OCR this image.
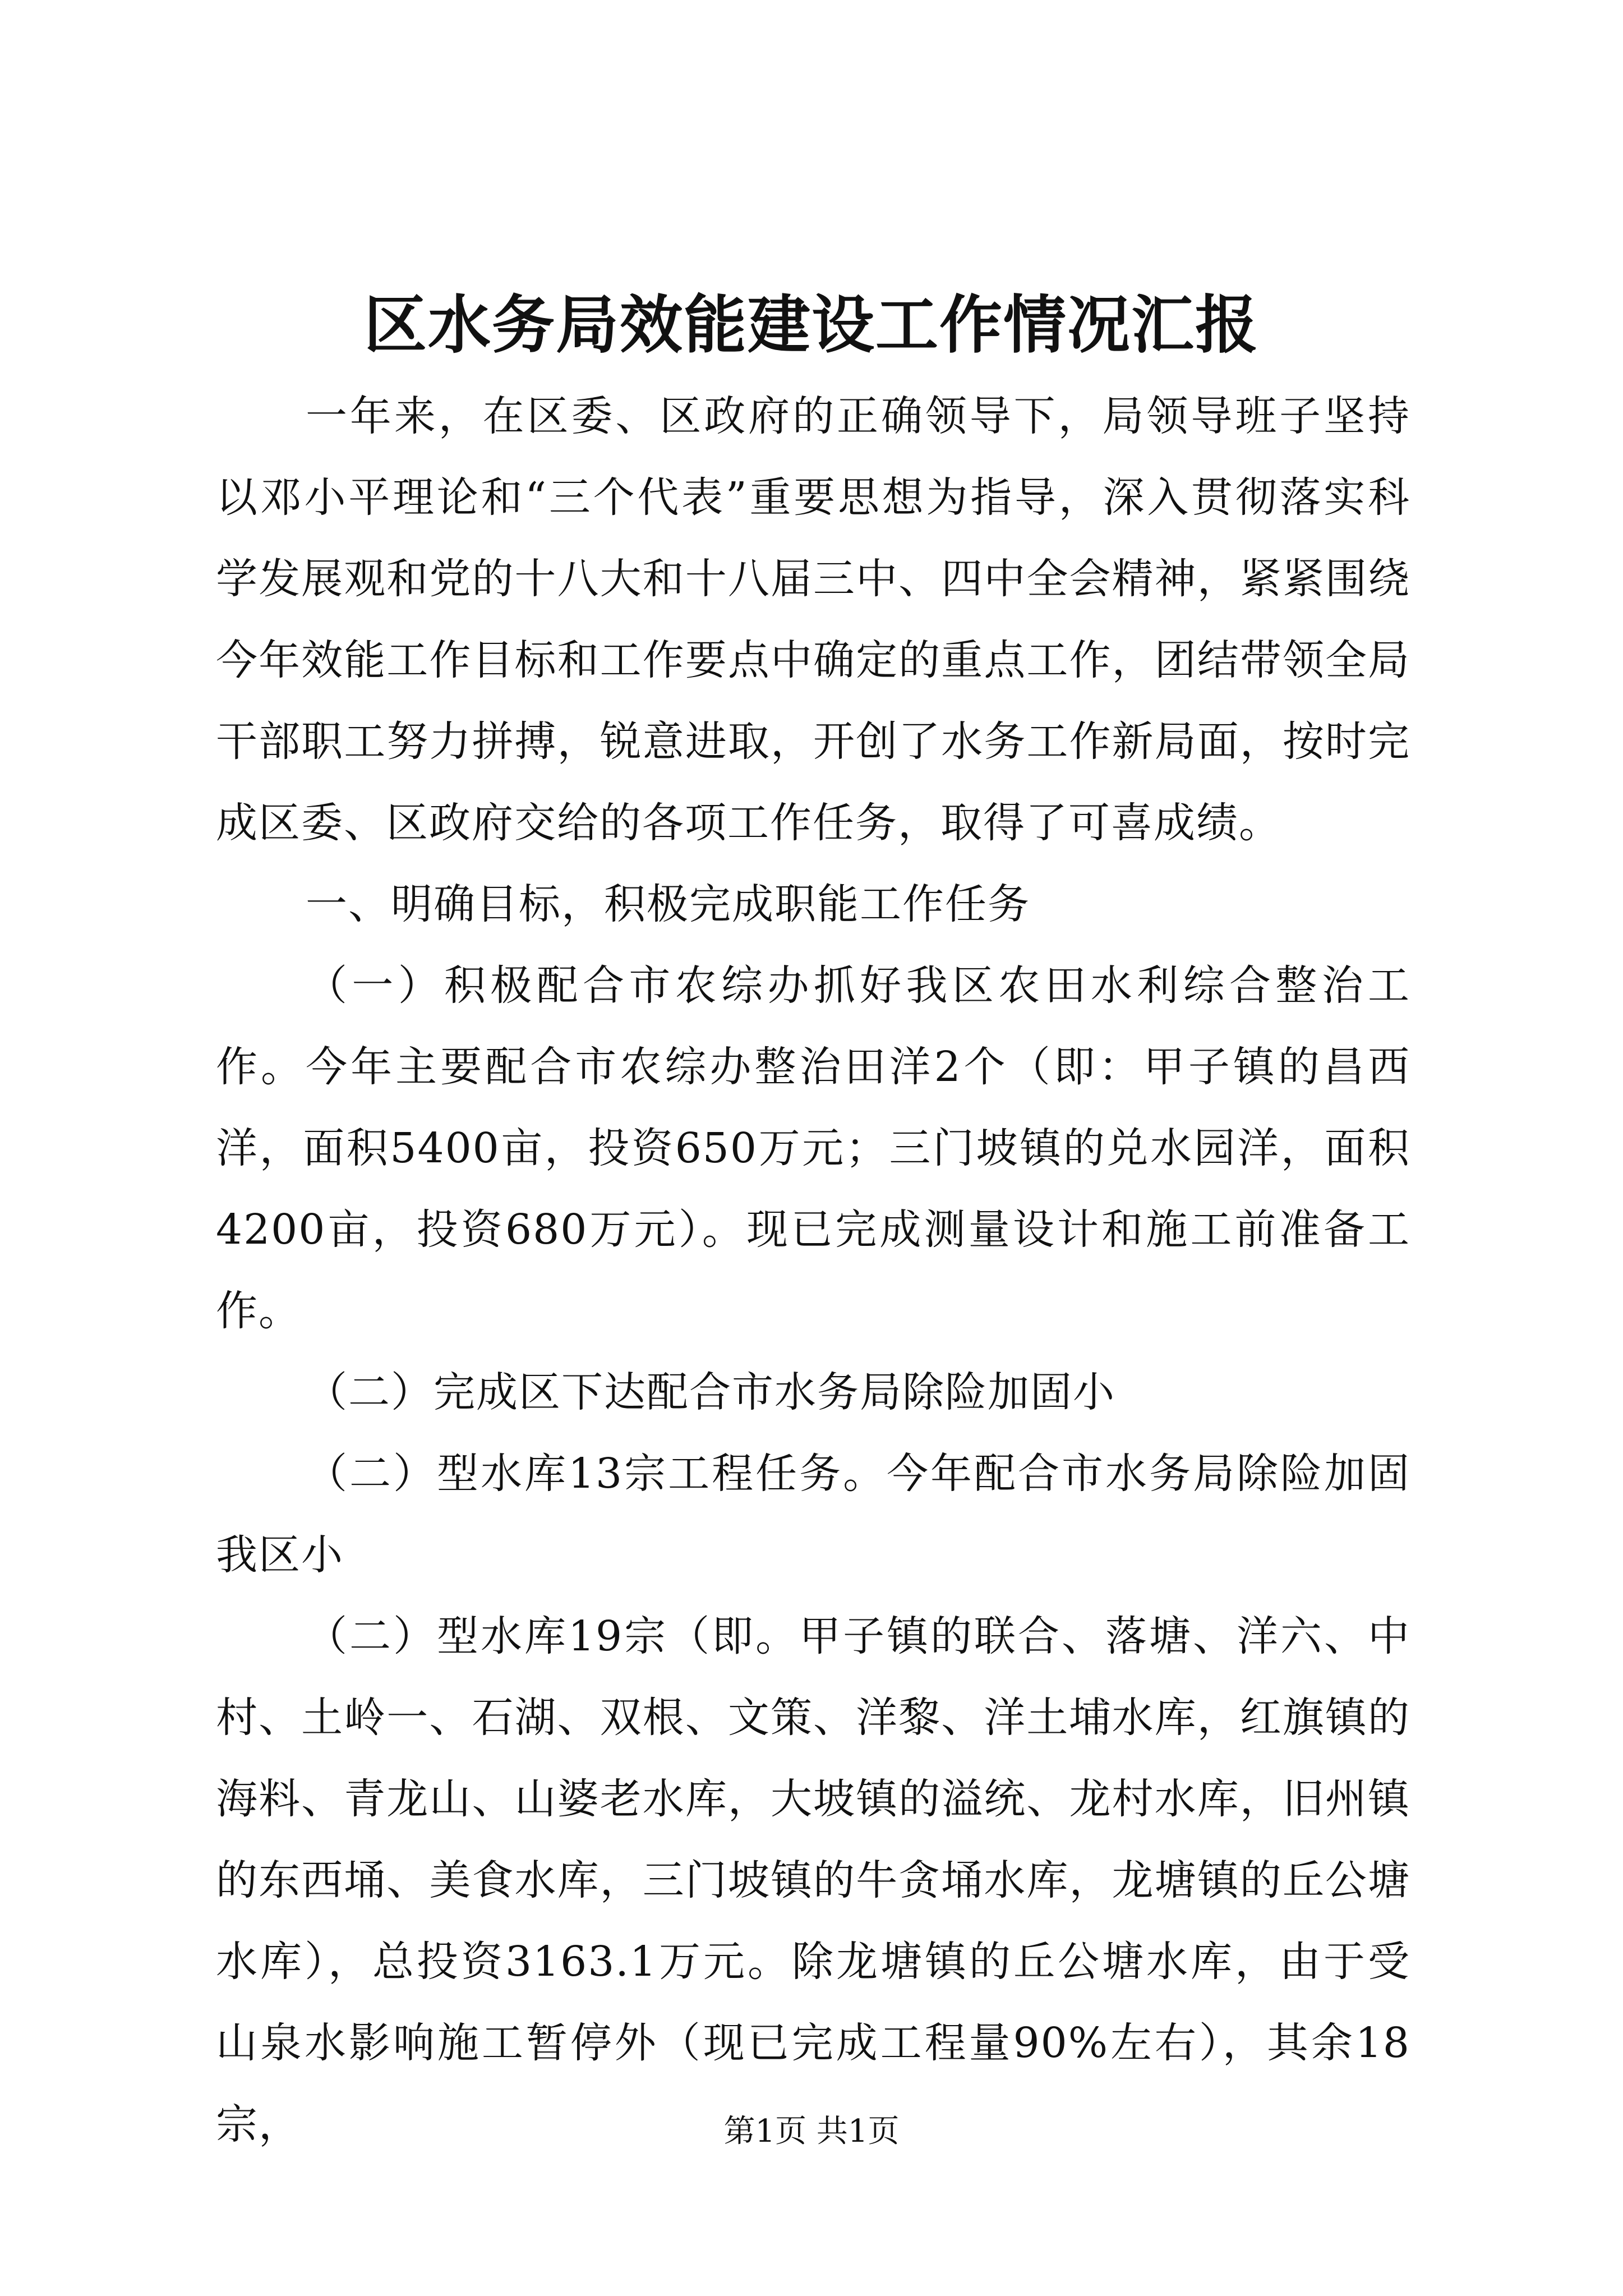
区水务局效能建设工作情况汇报

一年来，在区委、区政府的正确领导下，局领导班子坚持以邓小平理论和“三个代表”重要思想为指导，深入贯彻落实科学发展观和党的十八大和十八届三中、四中全会精神，紧紧围绕今年效能工作目标和工作要点中确定的重点工作，团结带领全局干部职工努力拼搏，锐意进取，开创了水务工作新局面，按时完成区委、区政府交给的各项工作任务，取得了可喜成绩。

一、明确目标，积极完成职能工作任务

（一）积极配合市农综办抓好我区农田水利综合整治工作。今年主要配合市农综办整治田洋2个（即：甲子镇的昌西洋，面积5400亩，投资650万元；三门坡镇的兑水园洋，面积4200亩，投资680万元）。现已完成测量设计和施工前准备工作。

（二）完成区下达配合市水务局除险加固小

（二）型水库13宗工程任务。今年配合市水务局除险加固我区小

（二）型水库19宗（即。甲子镇的联合、落塘、洋六、中村、土岭一、石湖、双根、文策、洋黎、洋土埔水库，红旗镇的海料、青龙山、山婆老水库，大坡镇的溢统、龙村水库，旧州镇的东西埇、美食水库，三门坡镇的牛贪埇水库，龙塘镇的丘公塘水库），总投资3163.1万元。除龙塘镇的丘公塘水库，由于受山泉水影响施工暂停外（现已完成工程量90%左右），其余18宗，	第1页 共1页
